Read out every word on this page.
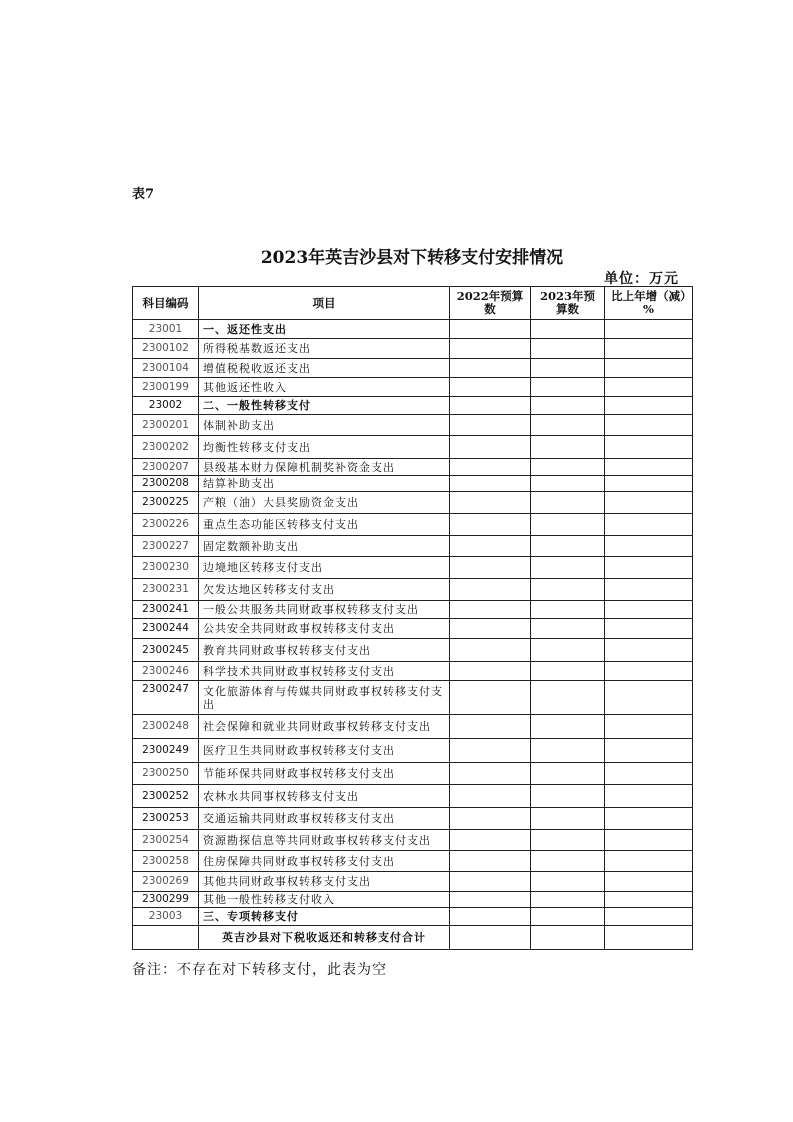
表7
2023年英吉沙县对下转移支付安排情况
单位：万元
科目编码	项目	2022年预算数	2023年预算数	比上年增（减）%
23001	一、返还性支出			
2300102	所得税基数返还支出			
2300104	增值税税收返还支出			
2300199	其他返还性收入			
23002	二、一般性转移支付			
2300201	体制补助支出			
2300202	均衡性转移支付支出			
2300207	县级基本财力保障机制奖补资金支出			
2300208	结算补助支出			
2300225	产粮（油）大县奖励资金支出			
2300226	重点生态功能区转移支付支出			
2300227	固定数额补助支出			
2300230	边境地区转移支付支出			
2300231	欠发达地区转移支付支出			
2300241	一般公共服务共同财政事权转移支付支出			
2300244	公共安全共同财政事权转移支付支出			
2300245	教育共同财政事权转移支付支出			
2300246	科学技术共同财政事权转移支付支出			
2300247	文化旅游体育与传媒共同财政事权转移支付支出			
2300248	社会保障和就业共同财政事权转移支付支出			
2300249	医疗卫生共同财政事权转移支付支出			
2300250	节能环保共同财政事权转移支付支出			
2300252	农林水共同事权转移支付支出			
2300253	交通运输共同财政事权转移支付支出			
2300254	资源勘探信息等共同财政事权转移支付支出			
2300258	住房保障共同财政事权转移支付支出			
2300269	其他共同财政事权转移支付支出			
2300299	其他一般性转移支付收入			
23003	三、专项转移支付			
	英吉沙县对下税收返还和转移支付合计			
备注：不存在对下转移支付，此表为空
